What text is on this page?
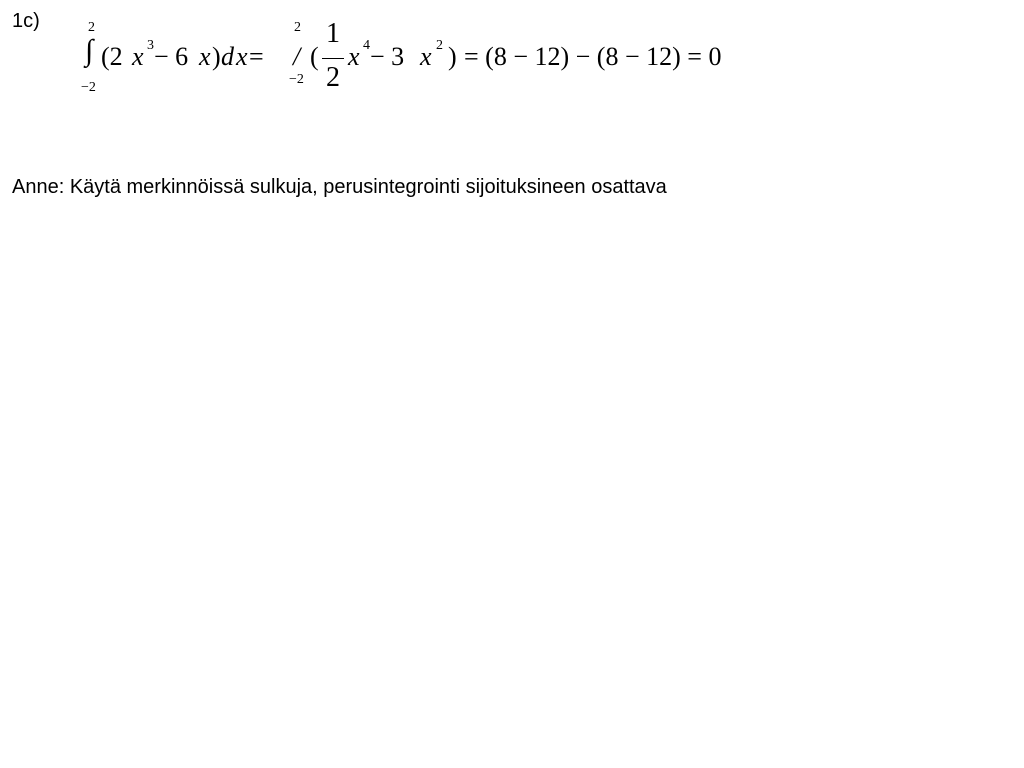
1c)	2
∫
−2
(2 x 3 − 6 x ) d x =
2
/
−2
(
1
2
x 4 − 3 x 2 ) = (8 − 12) − (8 − 12) = 0
Anne: Käytä merkinnöissä sulkuja, perusintegrointi sijoituksineen osattava
